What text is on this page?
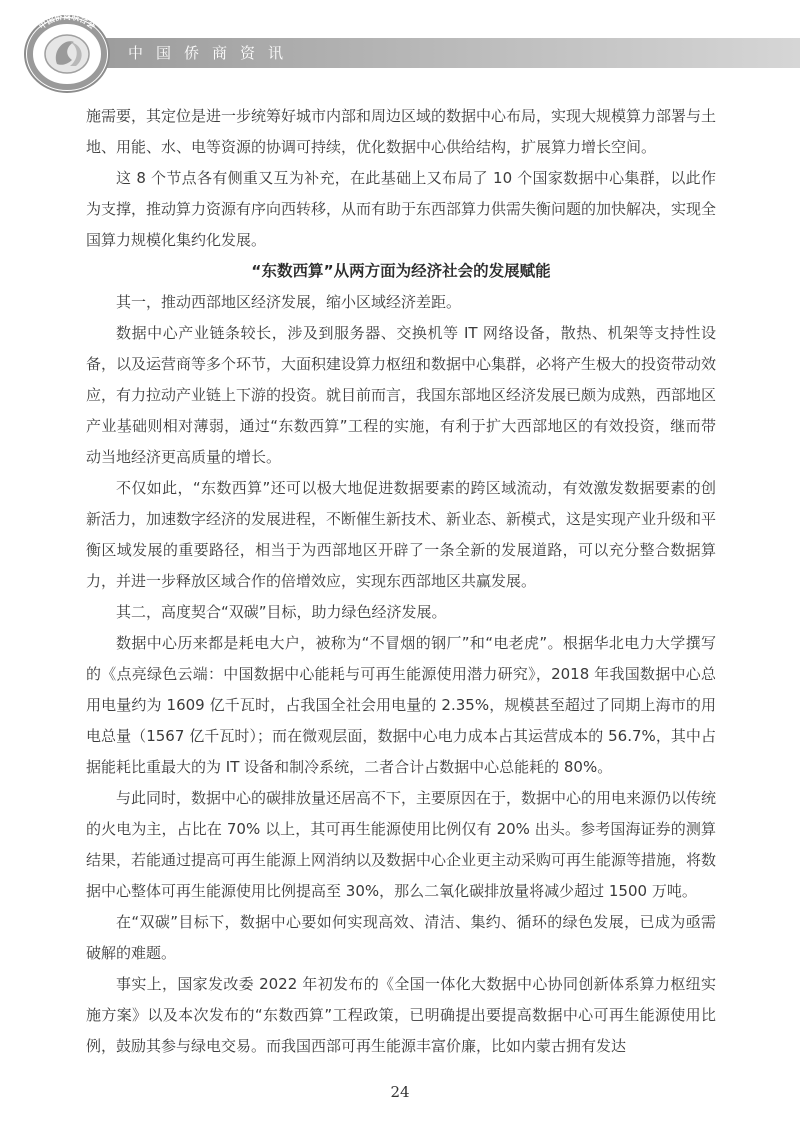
中国侨商资讯
中国侨商联合会

施需要，其定位是进一步统筹好城市内部和周边区域的数据中心布局，实现大规模算力部署与土地、用能、水、电等资源的协调可持续，优化数据中心供给结构，扩展算力增长空间。

这 8 个节点各有侧重又互为补充，在此基础上又布局了 10 个国家数据中心集群，以此作为支撑，推动算力资源有序向西转移，从而有助于东西部算力供需失衡问题的加快解决，实现全国算力规模化集约化发展。

“东数西算”从两方面为经济社会的发展赋能

其一，推动西部地区经济发展，缩小区域经济差距。

数据中心产业链条较长，涉及到服务器、交换机等 IT 网络设备，散热、机架等支持性设备，以及运营商等多个环节，大面积建设算力枢纽和数据中心集群，必将产生极大的投资带动效应，有力拉动产业链上下游的投资。就目前而言，我国东部地区经济发展已颇为成熟，西部地区产业基础则相对薄弱，通过“东数西算”工程的实施，有利于扩大西部地区的有效投资，继而带动当地经济更高质量的增长。

不仅如此，“东数西算”还可以极大地促进数据要素的跨区域流动，有效激发数据要素的创新活力，加速数字经济的发展进程，不断催生新技术、新业态、新模式，这是实现产业升级和平衡区域发展的重要路径，相当于为西部地区开辟了一条全新的发展道路，可以充分整合数据算力，并进一步释放区域合作的倍增效应，实现东西部地区共赢发展。

其二，高度契合“双碳”目标，助力绿色经济发展。

数据中心历来都是耗电大户，被称为“不冒烟的钢厂”和“电老虎”。根据华北电力大学撰写的《点亮绿色云端：中国数据中心能耗与可再生能源使用潜力研究》，2018 年我国数据中心总用电量约为 1609 亿千瓦时，占我国全社会用电量的 2.35%，规模甚至超过了同期上海市的用电总量（1567 亿千瓦时）；而在微观层面，数据中心电力成本占其运营成本的 56.7%，其中占据能耗比重最大的为 IT 设备和制冷系统，二者合计占数据中心总能耗的 80%。

与此同时，数据中心的碳排放量还居高不下，主要原因在于，数据中心的用电来源仍以传统的火电为主，占比在 70% 以上，其可再生能源使用比例仅有 20% 出头。参考国海证券的测算结果，若能通过提高可再生能源上网消纳以及数据中心企业更主动采购可再生能源等措施，将数据中心整体可再生能源使用比例提高至 30%，那么二氧化碳排放量将减少超过 1500 万吨。

在“双碳”目标下，数据中心要如何实现高效、清洁、集约、循环的绿色发展，已成为亟需破解的难题。

事实上，国家发改委 2022 年初发布的《全国一体化大数据中心协同创新体系算力枢纽实施方案》以及本次发布的“东数西算”工程政策，已明确提出要提高数据中心可再生能源使用比例，鼓励其参与绿电交易。而我国西部可再生能源丰富价廉，比如内蒙古拥有发达

24
